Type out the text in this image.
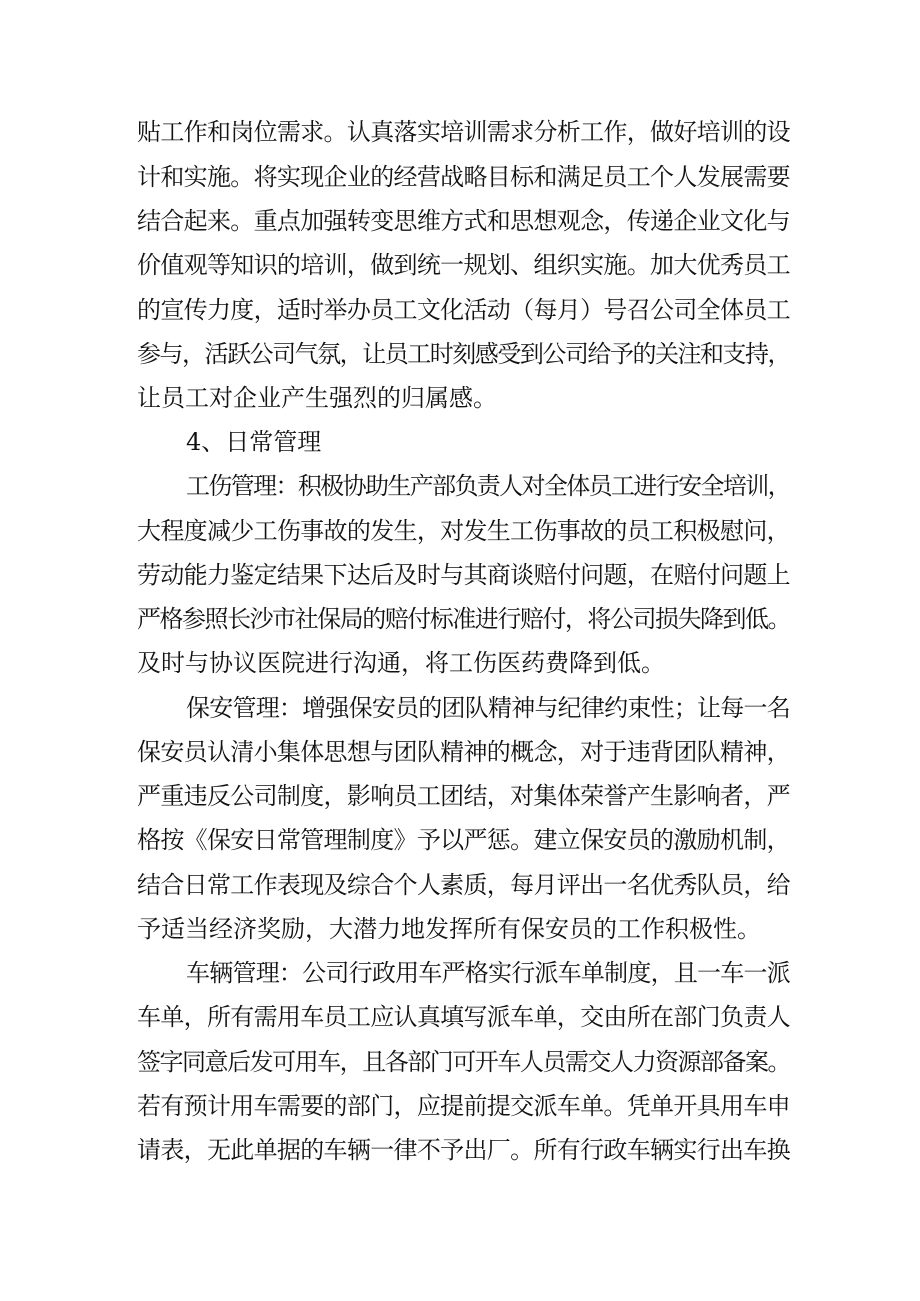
贴工作和岗位需求。认真落实培训需求分析工作，做好培训的设

计和实施。将实现企业的经营战略目标和满足员工个人发展需要

结合起来。重点加强转变思维方式和思想观念，传递企业文化与

价值观等知识的培训，做到统一规划、组织实施。加大优秀员工

的宣传力度，适时举办员工文化活动（每月）号召公司全体员工

参与，活跃公司气氛，让员工时刻感受到公司给予的关注和支持，

让员工对企业产生强烈的归属感。

4、日常管理

工伤管理：积极协助生产部负责人对全体员工进行安全培训，

大程度减少工伤事故的发生，对发生工伤事故的员工积极慰问，

劳动能力鉴定结果下达后及时与其商谈赔付问题，在赔付问题上

严格参照长沙市社保局的赔付标准进行赔付，将公司损失降到低。

及时与协议医院进行沟通，将工伤医药费降到低。

保安管理：增强保安员的团队精神与纪律约束性；让每一名

保安员认清小集体思想与团队精神的概念，对于违背团队精神，

严重违反公司制度，影响员工团结，对集体荣誉产生影响者，严

格按《保安日常管理制度》予以严惩。建立保安员的激励机制，

结合日常工作表现及综合个人素质，每月评出一名优秀队员，给

予适当经济奖励，大潜力地发挥所有保安员的工作积极性。

车辆管理：公司行政用车严格实行派车单制度，且一车一派

车单，所有需用车员工应认真填写派车单，交由所在部门负责人

签字同意后发可用车，且各部门可开车人员需交人力资源部备案。

若有预计用车需要的部门，应提前提交派车单。凭单开具用车申

请表，无此单据的车辆一律不予出厂。所有行政车辆实行出车换
